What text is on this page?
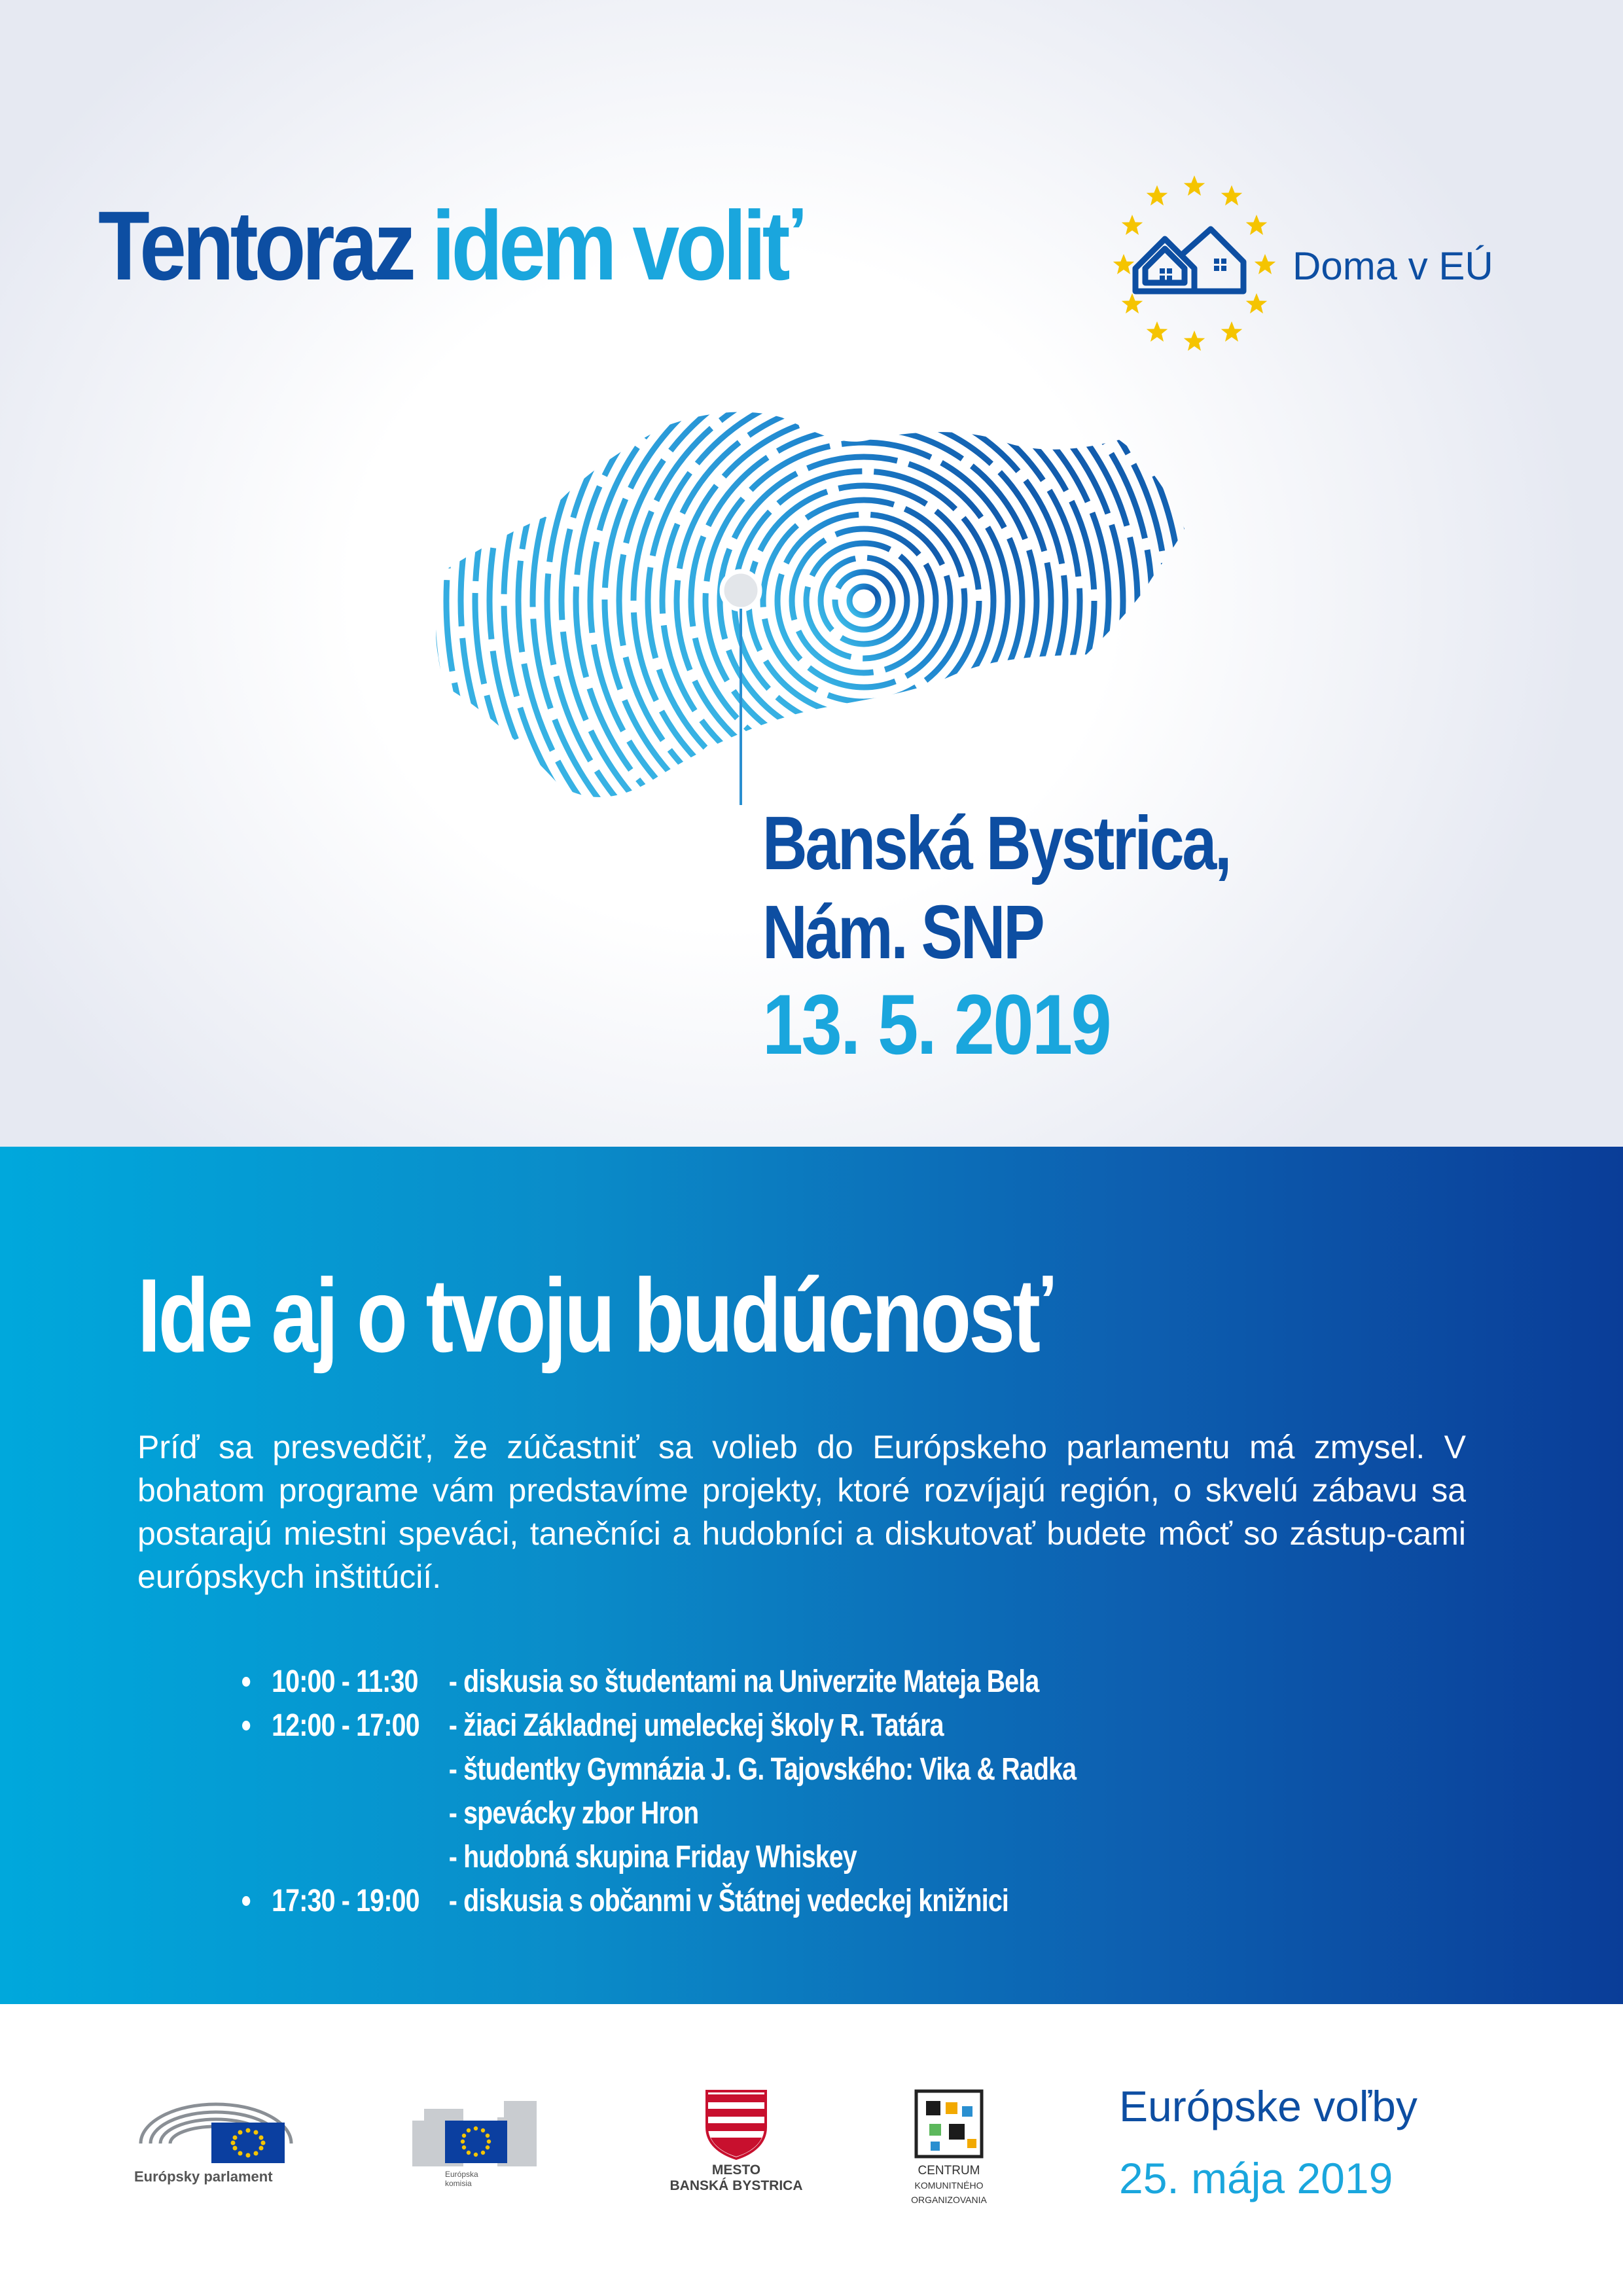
Tentoraz idem voliť	Doma v EÚ
Banská Bystrica,
Nám. SNP
13. 5. 2019
Ide aj o tvoju budúcnosť

Príď sa presvedčiť, že zúčastniť sa volieb do Európskeho parlamentu má zmysel. V bohatom programe vám predstavíme projekty, ktoré rozvíjajú región, o skvelú zábavu sa postarajú miestni speváci, tanečníci a hudobníci a diskutovať budete môcť so zástup-cami európskych inštitúcií.

10:00 - 11:30 - diskusia so študentami na Univerzite Mateja Bela
12:00 - 17:00 - žiaci Základnej umeleckej školy R. Tatára
- študentky Gymnázia J. G. Tajovského: Vika & Radka
- spevácky zbor Hron
- hudobná skupina Friday Whiskey
17:30 - 19:00 - diskusia s občanmi v Štátnej vedeckej knižnici
Európsky parlament	Európska
komisia
MESTO
BANSKÁ BYSTRICA
CENTRUM
KOMUNITNÉHO
ORGANIZOVANIA
Európske voľby
25. mája 2019
